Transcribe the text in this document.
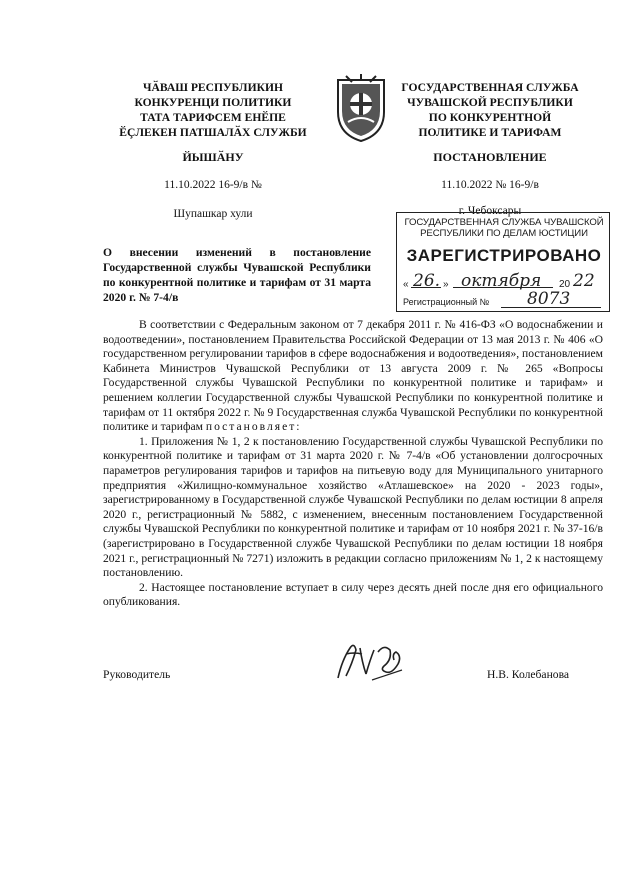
ЧӐВАШ РЕСПУБЛИКИН
КОНКУРЕНЦИ ПОЛИТИКИ
ТАТА ТАРИФСЕМ ЕНӖПЕ
ӖҪЛЕКЕН ПАТШАЛӐХ СЛУЖБИ
ГОСУДАРСТВЕННАЯ СЛУЖБА
ЧУВАШСКОЙ РЕСПУБЛИКИ
ПО КОНКУРЕНТНОЙ
ПОЛИТИКЕ И ТАРИФАМ
ЙЫШӐНУ	ПОСТАНОВЛЕНИЕ
11.10.2022 16-9/в №	11.10.2022 № 16-9/в
Шупашкар хули	г. Чебоксары
ГОСУДАРСТВЕННАЯ СЛУЖБА ЧУВАШСКОЙ
РЕСПУБЛИКИ ПО ДЕЛАМ ЮСТИЦИИ
ЗАРЕГИСТРИРОВАНО
« 26. » октября 20 22
Регистрационный № 8073
О внесении изменений в постановление Государственной службы Чувашской Республики по конкурентной политике и тарифам от 31 марта 2020 г. № 7-4/в

В соответствии с Федеральным законом от 7 декабря 2011 г. № 416-ФЗ «О водоснабжении и водоотведении», постановлением Правительства Российской Федерации от 13 мая 2013 г. № 406 «О государственном регулировании тарифов в сфере водоснабжения и водоотведения», постановлением Кабинета Министров Чувашской Республики от 13 августа 2009 г. № 265 «Вопросы Государственной службы Чувашской Республики по конкурентной политике и тарифам» и решением коллегии Государственной службы Чувашской Республики по конкурентной политике и тарифам от 11 октября 2022 г. № 9 Государственная служба Чувашской Республики по конкурентной политике и тарифам постановляет:

1. Приложения № 1, 2 к постановлению Государственной службы Чувашской Республики по конкурентной политике и тарифам от 31 марта 2020 г. № 7-4/в «Об установлении долгосрочных параметров регулирования тарифов и тарифов на питьевую воду для Муниципального унитарного предприятия «Жилищно-коммунальное хозяйство «Атлашевское» на 2020 - 2023 годы», зарегистрированному в Государственной службе Чувашской Республики по делам юстиции 8 апреля 2020 г., регистрационный № 5882, с изменением, внесенным постановлением Государственной службы Чувашской Республики по конкурентной политике и тарифам от 10 ноября 2021 г. № 37-16/в (зарегистрировано в Государственной службе Чувашской Республики по делам юстиции 18 ноября 2021 г., регистрационный № 7271) изложить в редакции согласно приложениям № 1, 2 к настоящему постановлению.

2. Настоящее постановление вступает в силу через десять дней после дня его официального опубликования.

Руководитель	Н.В. Колебанова
